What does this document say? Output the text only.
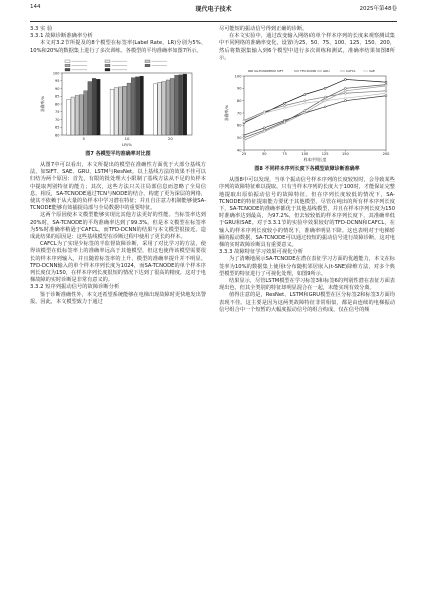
144	现代电子技术	2025年第48卷

3.3 实 验

3.3.1 故障诊断准确率分析

本文对3.2节所提及的8个模型在标签率(Label Rate，LR)分别为5%、10%和20%的数据集上进行了多次训练。各模型的平均准确率如图7所示。

100
95
90
85
80
75
70
65
60
5	10	20
LR/%
准确率/%
图7 各模型平均准确率对比图

从图7中可以看出，本文所提出的模型在准确性方面优于大部分基线方法，如SIFT、SAE、GRU、LSTM与ResNet。以上基线方法的效果不佳可以归结为两个原因：首先，有限的批处理大小限制了基线方法从不足的负样本中提取判别特征的能力；其次，这些方法只关注局部信息而忽略了全局信息。相反，SA-TCNODE通过TCN与NODE的结合，构建了更为深层的网络，使其不依赖于从大量的负样本中学习潜在特征；并且自注意力机制能够使SA-TCNODE能够有效捕捉局部与全局数据中的重要特征。

这两个原因使本文模型能够实现比其他方法更好的性能。当标签率达到20%时，SA-TCNODE的平均准确率达到了99.3%。但是本文模型在标签率为5%时准确率稍逊于CAFCL，而TFD-DCNN的结果与本文模型很接近。造成此结果的原因是：这些基线模型在诊断过程中使用了更长的样本。

CAFCL为了实现少标签的半监督故障诊断，采用了对比学习的方法，使得该模型在低标签率上的准确率远高于其他模型，但这也使得该模型需要很长的样本序列输入，并且随着标签率的上升，模型的准确率提升并不明显。TFD-DCNN输入的单个样本序列长度为1024，而SA-TCNODE的单个样本序列长度仅为150，在样本序列长度很短的情况下达到了很高的精度，这对于电梯故障的实时诊断是非常有意义的。

3.3.2 短序列振动信号的故障诊断分析

鉴于诊断准确性外，本文还希望系统能够在电梯出现故障时更快地发出警报。因此，本文模型致力于通过

尽可能短的振动信号得到正确的诊断。

在本文实验中，通过改变输入网络i的单个样本序列的长度来观察测试集中不同网络的准确率变化，设置i为25、50、75、100、125、150、200，然后将数据集输入到6个模型中进行多次训练和测试，准确率结果如图8所示。

40
50
60
70
80
90
100
25	50	75	100	125	150	200
SA-TCNODE SIFT	TFD-DCNN GRU	CAFCL	SAE
样本序列长度
准确率/%
图8 不同样本序列长度下各模型故障诊断准确率

从图8中可以发现，当单个振动信号样本序列的长度较短时，会导致某些序列的故障特征难以提取。只有当样本序列的长度大于100时，才能保证完整地提取出原始振动信号的故障特征。但在序列长度较低的情况下，SA-TCNODE的特征提取能力要优于其他模型，尽管在纯出的所有样本序列长度下，SA-TCNODE的准确率都优于其他基线模型，并且在样本序列长度为150时准确率达到最高，为97.2%，但去较较低的样本序列长度下，其准确率低于GRU和SAE。对于3.3.1节的实验中效果较好的TFD-DCNN和CAFCL，在输入的样本序列长度较小的情况下，准确率明显下降。这也表明对于电梯轿厢的振动数据，SA-TCNODE可以通过较短的振动信号进行故障诊断，这对电梯的实时故障诊断具有重要意义。

3.3.3 故障特征学习效果可视化分析

为了清晰地展示SA-TCNODE在潜在表征学习方面的优越能力，本文在标签率为10%的数据集上使用t分布随机邻居嵌入(t-SNE)降维方法，对多个典型模型的特征进行了可视化处理，如图9所示。

结果显示，尽管LSTM模型在学习标签3和标签6的判别性潜在表征方面表现出色，但其全类别的特征却明显混合在一起，未能实现有效分离。

值得注意的是，ResNet、LSTM和GRU模型在区分标签2和标签3方面均表现不佳。这主要是因为这两类故障特征非常相似，都是由连续的电梯振动信号组合中一个短暂的大幅度振动信号的组合构成，仅在信号的频
